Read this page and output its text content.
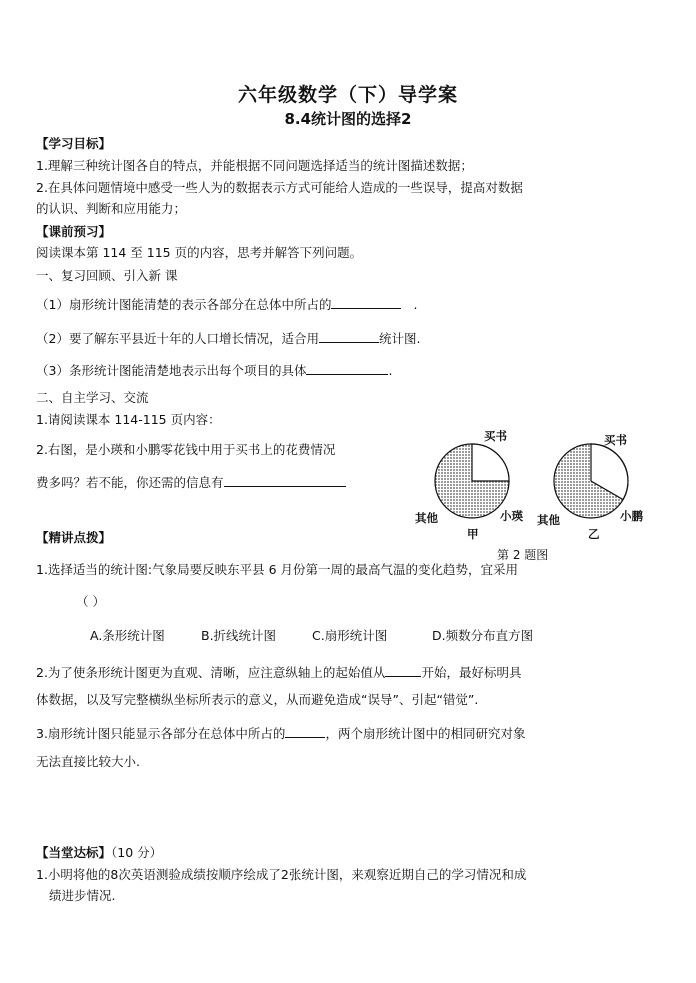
六年级数学（下）导学案
8.4统计图的选择2
【学习目标】
1.理解三种统计图各自的特点，并能根据不同问题选择适当的统计图描述数据；
2.在具体问题情境中感受一些人为的数据表示方式可能给人造成的一些误导，提高对数据
的认识、判断和应用能力；
【课前预习】
阅读课本第 114 至 115 页的内容，思考并解答下列问题。
一、复习回顾、引入新 课
（1）扇形统计图能清楚的表示各部分在总体中所占的	.
（2）要了解东平县近十年的人口增长情况，适合用	统计图.
（3）条形统计图能清楚地表示出每个项目的具体	.
二、自主学习、交流
1.请阅读课本 114-115 页内容：
2.右图，是小瑛和小鹏零花钱中用于买书上的花费情况
费多吗？若不能，你还需的信息有
买书
其他	小瑛
甲
买书
其他	小鹏
乙
第 2 题图
【精讲点拨】
1.选择适当的统计图:气象局要反映东平县 6 月份第一周的最高气温的变化趋势，宜采用
（ ）
A.条形统计图	B.折线统计图	C.扇形统计图	D.频数分布直方图
2.为了使条形统计图更为直观、清晰，应注意纵轴上的起始值从	开始，最好标明具
体数据，以及写完整横纵坐标所表示的意义，从而避免造成“误导”、引起“错觉”.
3.扇形统计图只能显示各部分在总体中所占的	，两个扇形统计图中的相同研究对象
无法直接比较大小.
【当堂达标】（10 分）
1.小明将他的8次英语测验成绩按顺序绘成了2张统计图，来观察近期自己的学习情况和成
绩进步情况.
